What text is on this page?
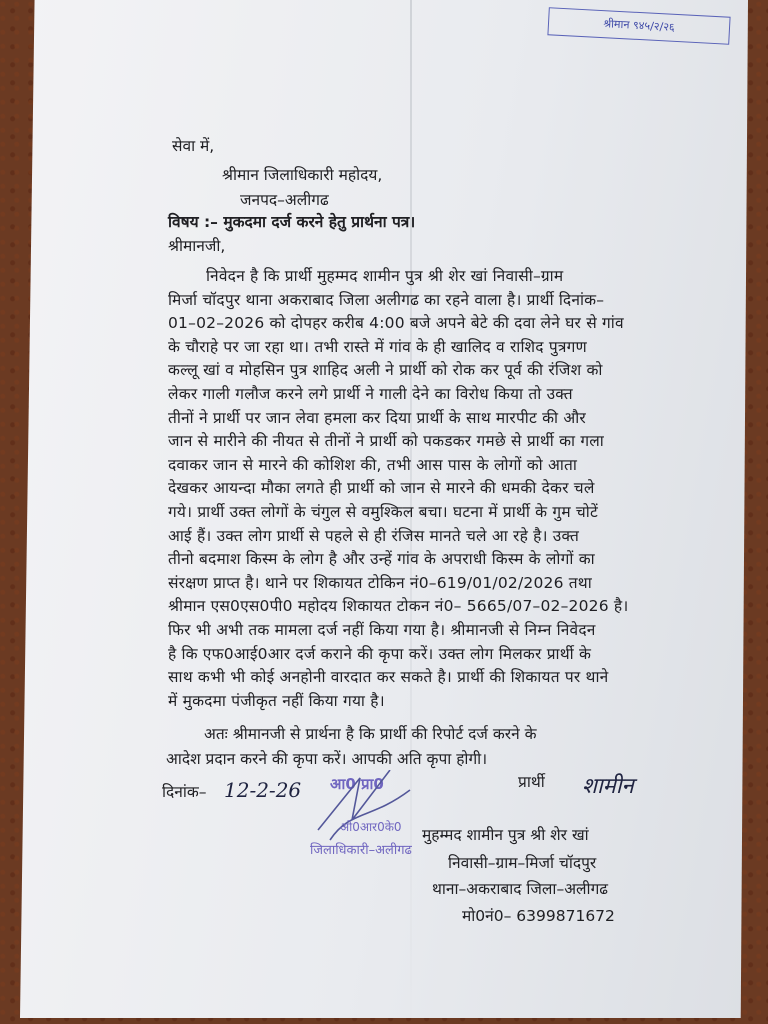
श्रीमान ९४५/२/२६
सेवा में,
श्रीमान जिलाधिकारी महोदय,
जनपद–अलीगढ
विषय :– मुकदमा दर्ज करने हेतु प्रार्थना पत्र।
श्रीमानजी,
निवेदन है कि प्रार्थी मुहम्मद शामीन पुत्र श्री शेर खां निवासी–ग्राम
मिर्जा चॉदपुर थाना अकराबाद जिला अलीगढ का रहने वाला है। प्रार्थी दिनांक–
01–02–2026 को दोपहर करीब 4:00 बजे अपने बेटे की दवा लेने घर से गांव
के चौराहे पर जा रहा था। तभी रास्ते में गांव के ही खालिद व राशिद पुत्रगण
कल्लू खां व मोहसिन पुत्र शाहिद अली ने प्रार्थी को रोक कर पूर्व की रंजिश को
लेकर गाली गलौज करने लगे प्रार्थी ने गाली देने का विरोध किया तो उक्त
तीनों ने प्रार्थी पर जान लेवा हमला कर दिया प्रार्थी के साथ मारपीट की और
जान से मारीने की नीयत से तीनों ने प्रार्थी को पकडकर गमछे से प्रार्थी का गला
दवाकर जान से मारने की कोशिश की, तभी आस पास के लोगों को आता
देखकर आयन्दा मौका लगते ही प्रार्थी को जान से मारने की धमकी देकर चले
गये। प्रार्थी उक्त लोगों के चंगुल से वमुश्किल बचा। घटना में प्रार्थी के गुम चोटें
आई हैं। उक्त लोग प्रार्थी से पहले से ही रंजिस मानते चले आ रहे है। उक्त
तीनो बदमाश किस्म के लोग है और उन्हें गांव के अपराधी किस्म के लोगों का
संरक्षण प्राप्त है। थाने पर शिकायत टोकिन नं0–619/01/02/2026 तथा
श्रीमान एस0एस0पी0 महोदय शिकायत टोकन नं0– 5665/07–02–2026 है।
फिर भी अभी तक मामला दर्ज नहीं किया गया है। श्रीमानजी से निम्न निवेदन
है कि एफ0आई0आर दर्ज कराने की कृपा करें। उक्त लोग मिलकर प्रार्थी के
साथ कभी भी कोई अनहोनी वारदात कर सकते है। प्रार्थी की शिकायत पर थाने
में मुकदमा पंजीकृत नहीं किया गया है।
अतः श्रीमानजी से प्रार्थना है कि प्रार्थी की रिपोर्ट दर्ज करने के
आदेश प्रदान करने की कृपा करें। आपकी अति कृपा होगी।
दिनांक– 12-2-26	प्रार्थी शामीन
आ0 प्रा0
ओ0आर0के0
जिलाधिकारी–अलीगढ
मुहम्मद शामीन पुत्र श्री शेर खां
निवासी–ग्राम–मिर्जा चॉदपुर
थाना–अकराबाद जिला–अलीगढ
मो0नं0– 6399871672
